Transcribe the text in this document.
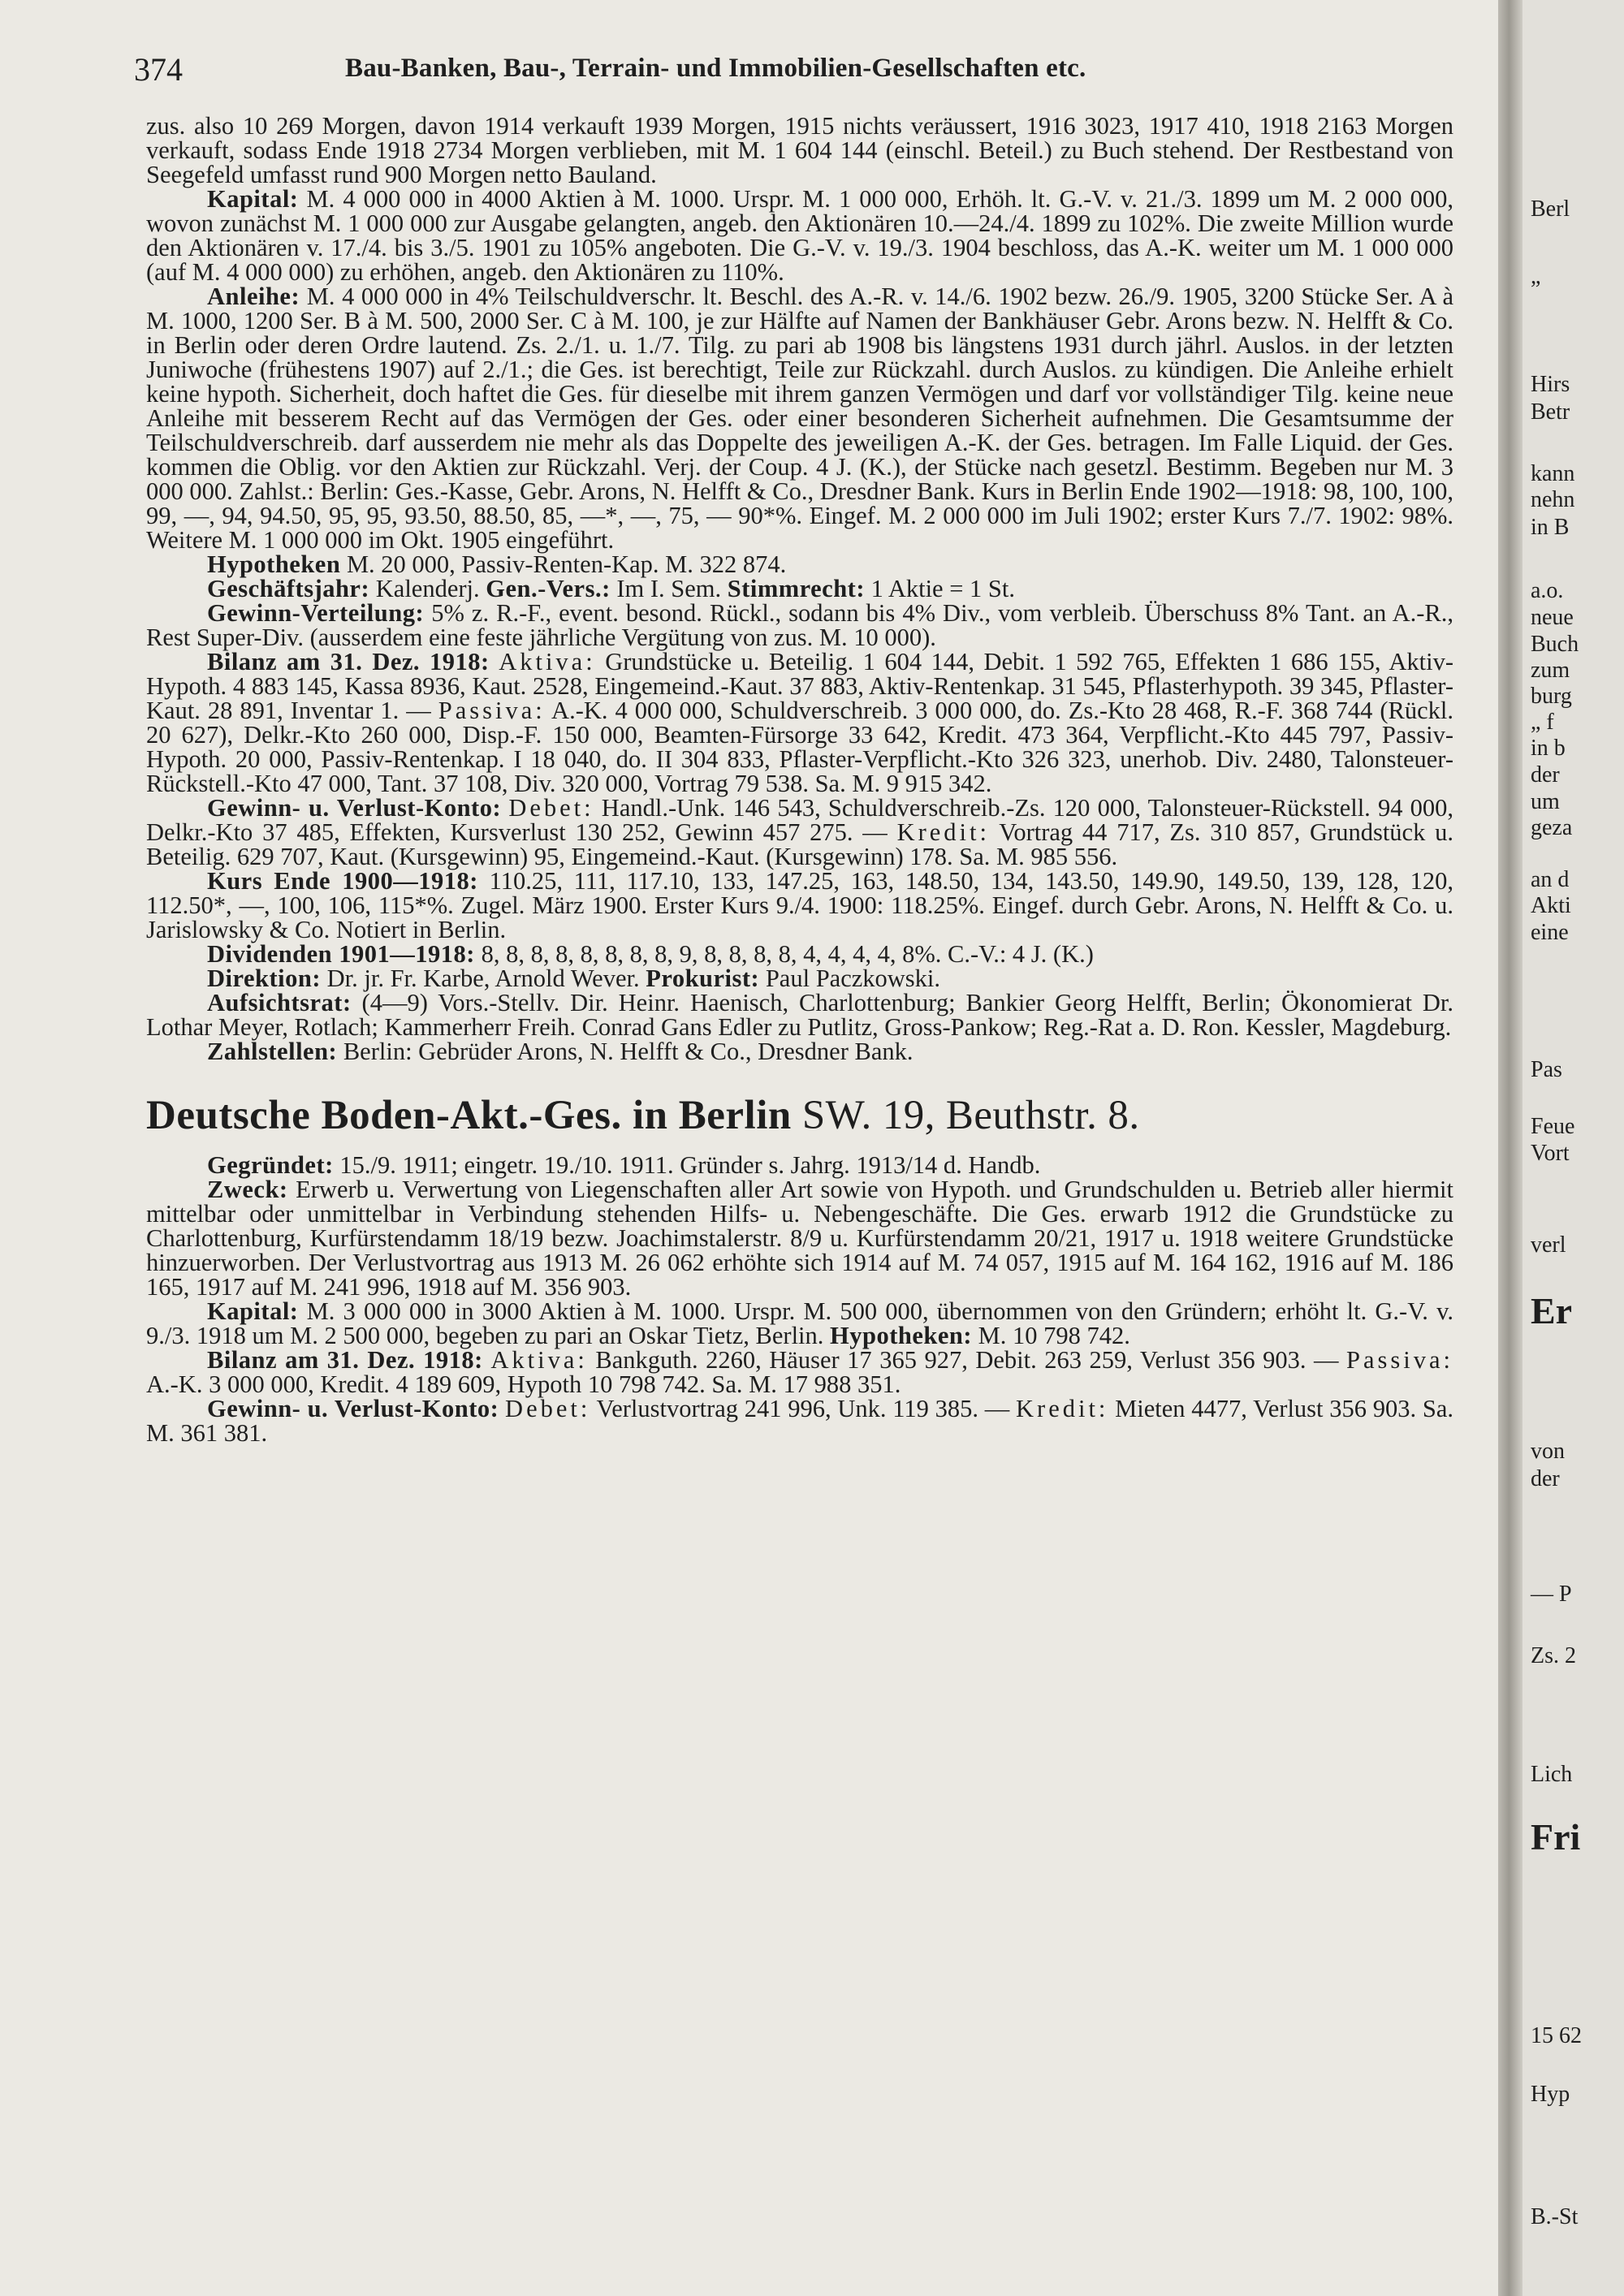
374	Bau-Banken, Bau-, Terrain- und Immobilien-Gesellschaften etc.

zus. also 10 269 Morgen, davon 1914 verkauft 1939 Morgen, 1915 nichts veräussert, 1916 3023, 1917 410, 1918 2163 Morgen verkauft, sodass Ende 1918 2734 Morgen verblieben, mit M. 1 604 144 (einschl. Beteil.) zu Buch stehend. Der Restbestand von Seegefeld umfasst rund 900 Morgen netto Bauland.

Kapital: M. 4 000 000 in 4000 Aktien à M. 1000. Urspr. M. 1 000 000, Erhöh. lt. G.-V. v. 21./3. 1899 um M. 2 000 000, wovon zunächst M. 1 000 000 zur Ausgabe gelangten, angeb. den Aktionären 10.—24./4. 1899 zu 102%. Die zweite Million wurde den Aktionären v. 17./4. bis 3./5. 1901 zu 105% angeboten. Die G.-V. v. 19./3. 1904 beschloss, das A.-K. weiter um M. 1 000 000 (auf M. 4 000 000) zu erhöhen, angeb. den Aktionären zu 110%.

Anleihe: M. 4 000 000 in 4% Teilschuldverschr. lt. Beschl. des A.-R. v. 14./6. 1902 bezw. 26./9. 1905, 3200 Stücke Ser. A à M. 1000, 1200 Ser. B à M. 500, 2000 Ser. C à M. 100, je zur Hälfte auf Namen der Bankhäuser Gebr. Arons bezw. N. Helfft & Co. in Berlin oder deren Ordre lautend. Zs. 2./1. u. 1./7. Tilg. zu pari ab 1908 bis längstens 1931 durch jährl. Auslos. in der letzten Juniwoche (frühestens 1907) auf 2./1.; die Ges. ist berechtigt, Teile zur Rückzahl. durch Auslos. zu kündigen. Die Anleihe erhielt keine hypoth. Sicherheit, doch haftet die Ges. für dieselbe mit ihrem ganzen Vermögen und darf vor vollständiger Tilg. keine neue Anleihe mit besserem Recht auf das Vermögen der Ges. oder einer besonderen Sicherheit aufnehmen. Die Gesamtsumme der Teilschuldverschreib. darf ausserdem nie mehr als das Doppelte des jeweiligen A.-K. der Ges. betragen. Im Falle Liquid. der Ges. kommen die Oblig. vor den Aktien zur Rückzahl. Verj. der Coup. 4 J. (K.), der Stücke nach gesetzl. Bestimm. Begeben nur M. 3 000 000. Zahlst.: Berlin: Ges.-Kasse, Gebr. Arons, N. Helfft & Co., Dresdner Bank. Kurs in Berlin Ende 1902—1918: 98, 100, 100, 99, —, 94, 94.50, 95, 95, 93.50, 88.50, 85, —*, —, 75, — 90*%. Eingef. M. 2 000 000 im Juli 1902; erster Kurs 7./7. 1902: 98%. Weitere M. 1 000 000 im Okt. 1905 eingeführt.

Hypotheken M. 20 000, Passiv-Renten-Kap. M. 322 874.

Geschäftsjahr: Kalenderj. Gen.-Vers.: Im I. Sem. Stimmrecht: 1 Aktie = 1 St.

Gewinn-Verteilung: 5% z. R.-F., event. besond. Rückl., sodann bis 4% Div., vom verbleib. Überschuss 8% Tant. an A.-R., Rest Super-Div. (ausserdem eine feste jährliche Vergütung von zus. M. 10 000).

Bilanz am 31. Dez. 1918: Aktiva: Grundstücke u. Beteilig. 1 604 144, Debit. 1 592 765, Effekten 1 686 155, Aktiv-Hypoth. 4 883 145, Kassa 8936, Kaut. 2528, Eingemeind.-Kaut. 37 883, Aktiv-Rentenkap. 31 545, Pflasterhypoth. 39 345, Pflaster-Kaut. 28 891, Inventar 1. — Passiva: A.-K. 4 000 000, Schuldverschreib. 3 000 000, do. Zs.-Kto 28 468, R.-F. 368 744 (Rückl. 20 627), Delkr.-Kto 260 000, Disp.-F. 150 000, Beamten-Fürsorge 33 642, Kredit. 473 364, Verpflicht.-Kto 445 797, Passiv-Hypoth. 20 000, Passiv-Rentenkap. I 18 040, do. II 304 833, Pflaster-Verpflicht.-Kto 326 323, unerhob. Div. 2480, Talonsteuer-Rückstell.-Kto 47 000, Tant. 37 108, Div. 320 000, Vortrag 79 538. Sa. M. 9 915 342.

Gewinn- u. Verlust-Konto: Debet: Handl.-Unk. 146 543, Schuldverschreib.-Zs. 120 000, Talonsteuer-Rückstell. 94 000, Delkr.-Kto 37 485, Effekten, Kursverlust 130 252, Gewinn 457 275. — Kredit: Vortrag 44 717, Zs. 310 857, Grundstück u. Beteilig. 629 707, Kaut. (Kursgewinn) 95, Eingemeind.-Kaut. (Kursgewinn) 178. Sa. M. 985 556.

Kurs Ende 1900—1918: 110.25, 111, 117.10, 133, 147.25, 163, 148.50, 134, 143.50, 149.90, 149.50, 139, 128, 120, 112.50*, —, 100, 106, 115*%. Zugel. März 1900. Erster Kurs 9./4. 1900: 118.25%. Eingef. durch Gebr. Arons, N. Helfft & Co. u. Jarislowsky & Co. Notiert in Berlin.

Dividenden 1901—1918: 8, 8, 8, 8, 8, 8, 8, 8, 9, 8, 8, 8, 8, 4, 4, 4, 4, 8%. C.-V.: 4 J. (K.)

Direktion: Dr. jr. Fr. Karbe, Arnold Wever. Prokurist: Paul Paczkowski.

Aufsichtsrat: (4—9) Vors.-Stellv. Dir. Heinr. Haenisch, Charlottenburg; Bankier Georg Helfft, Berlin; Ökonomierat Dr. Lothar Meyer, Rotlach; Kammerherr Freih. Conrad Gans Edler zu Putlitz, Gross-Pankow; Reg.-Rat a. D. Ron. Kessler, Magdeburg.

Zahlstellen: Berlin: Gebrüder Arons, N. Helfft & Co., Dresdner Bank.

Deutsche Boden-Akt.-Ges. in Berlin SW. 19, Beuthstr. 8.

Gegründet: 15./9. 1911; eingetr. 19./10. 1911. Gründer s. Jahrg. 1913/14 d. Handb.

Zweck: Erwerb u. Verwertung von Liegenschaften aller Art sowie von Hypoth. und Grundschulden u. Betrieb aller hiermit mittelbar oder unmittelbar in Verbindung stehenden Hilfs- u. Nebengeschäfte. Die Ges. erwarb 1912 die Grundstücke zu Charlottenburg, Kurfürstendamm 18/19 bezw. Joachimstalerstr. 8/9 u. Kurfürstendamm 20/21, 1917 u. 1918 weitere Grundstücke hinzuerworben. Der Verlustvortrag aus 1913 M. 26 062 erhöhte sich 1914 auf M. 74 057, 1915 auf M. 164 162, 1916 auf M. 186 165, 1917 auf M. 241 996, 1918 auf M. 356 903.

Kapital: M. 3 000 000 in 3000 Aktien à M. 1000. Urspr. M. 500 000, übernommen von den Gründern; erhöht lt. G.-V. v. 9./3. 1918 um M. 2 500 000, begeben zu pari an Oskar Tietz, Berlin. Hypotheken: M. 10 798 742.

Bilanz am 31. Dez. 1918: Aktiva: Bankguth. 2260, Häuser 17 365 927, Debit. 263 259, Verlust 356 903. — Passiva: A.-K. 3 000 000, Kredit. 4 189 609, Hypoth 10 798 742. Sa. M. 17 988 351.

Gewinn- u. Verlust-Konto: Debet: Verlustvortrag 241 996, Unk. 119 385. — Kredit: Mieten 4477, Verlust 356 903. Sa. M. 361 381.

Berl
„
Hirs
Betr
kann
nehn
in B
a.o.
neue
Buch
zum
burg
„ f
in b
der
um
geza
an d
Akti
eine
Pas
Feue
Vort
verl
Er
von
der
— P
Zs. 2
Lich
Fri
15 62
Hyp
B.-St
